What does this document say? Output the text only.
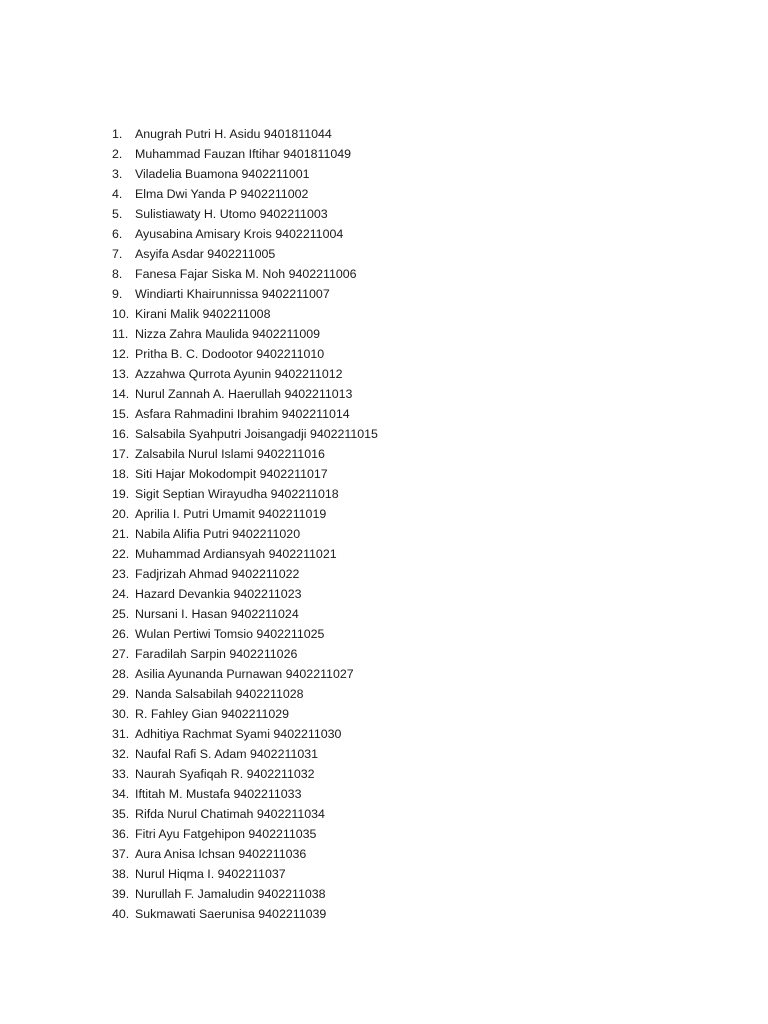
1.	Anugrah Putri H. Asidu 9401811044
2.	Muhammad Fauzan Iftihar 9401811049
3.	Viladelia Buamona 9402211001
4.	Elma Dwi Yanda P 9402211002
5.	Sulistiawaty H. Utomo 9402211003
6.	Ayusabina Amisary Krois 9402211004
7.	Asyifa Asdar 9402211005
8.	Fanesa Fajar Siska M. Noh 9402211006
9.	Windiarti Khairunnissa 9402211007
10. Kirani Malik 9402211008
11. Nizza Zahra Maulida 9402211009
12. Pritha B. C. Dodootor 9402211010
13. Azzahwa Qurrota Ayunin 9402211012
14. Nurul Zannah A. Haerullah 9402211013
15. Asfara Rahmadini Ibrahim 9402211014
16. Salsabila Syahputri Joisangadji 9402211015
17. Zalsabila Nurul Islami 9402211016
18. Siti Hajar Mokodompit 9402211017
19. Sigit Septian Wirayudha 9402211018
20. Aprilia I. Putri Umamit 9402211019
21. Nabila Alifia Putri 9402211020
22. Muhammad Ardiansyah 9402211021
23. Fadjrizah Ahmad 9402211022
24. Hazard Devankia 9402211023
25. Nursani I. Hasan 9402211024
26. Wulan Pertiwi Tomsio 9402211025
27. Faradilah Sarpin 9402211026
28. Asilia Ayunanda Purnawan 9402211027
29. Nanda Salsabilah 9402211028
30. R. Fahley Gian 9402211029
31. Adhitiya Rachmat Syami 9402211030
32. Naufal Rafi S. Adam 9402211031
33. Naurah Syafiqah R. 9402211032
34. Iftitah M. Mustafa 9402211033
35. Rifda Nurul Chatimah 9402211034
36. Fitri Ayu Fatgehipon 9402211035
37. Aura Anisa Ichsan 9402211036
38. Nurul Hiqma I. 9402211037
39. Nurullah F. Jamaludin 9402211038
40. Sukmawati Saerunisa 9402211039
